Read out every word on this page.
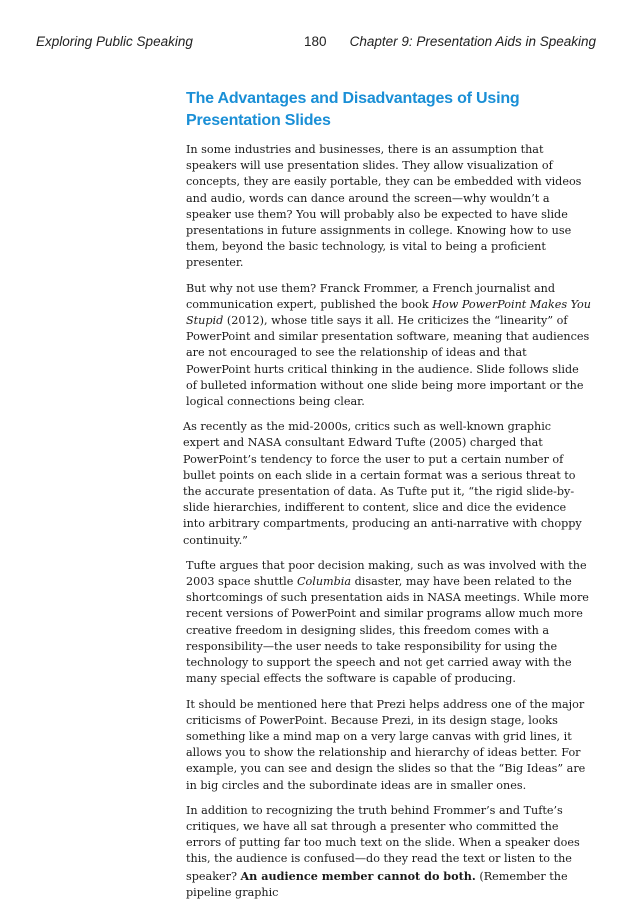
Exploring Public Speaking	180 Chapter 9: Presentation Aids in Speaking
The Advantages and Disadvantages of Using Presentation Slides

In some industries and businesses, there is an assumption that speakers will use presentation slides. They allow visualization of concepts, they are easily portable, they can be embedded with videos and audio, words can dance around the screen—why wouldn’t a speaker use them? You will probably also be expected to have slide presentations in future assignments in college. Knowing how to use them, beyond the basic technology, is vital to being a proficient presenter.

But why not use them? Franck Frommer, a French journalist and communication expert, published the book How PowerPoint Makes You Stupid (2012), whose title says it all. He criticizes the “linearity” of PowerPoint and similar presentation software, meaning that audiences are not encouraged to see the relationship of ideas and that PowerPoint hurts critical thinking in the audience. Slide follows slide of bulleted information without one slide being more important or the logical connections being clear.

As recently as the mid-2000s, critics such as well-known graphic expert and NASA consultant Edward Tufte (2005) charged that PowerPoint’s tendency to force the user to put a certain number of bullet points on each slide in a certain format was a serious threat to the accurate presentation of data. As Tufte put it, “the rigid slide-by-slide hierarchies, indifferent to content, slice and dice the evidence into arbitrary compartments, producing an anti-narrative with choppy continuity.”

Tufte argues that poor decision making, such as was involved with the 2003 space shuttle Columbia disaster, may have been related to the shortcomings of such presentation aids in NASA meetings. While more recent versions of PowerPoint and similar programs allow much more creative freedom in designing slides, this freedom comes with a responsibility—the user needs to take responsibility for using the technology to support the speech and not get carried away with the many special effects the software is capable of producing.

It should be mentioned here that Prezi helps address one of the major criticisms of PowerPoint. Because Prezi, in its design stage, looks something like a mind map on a very large canvas with grid lines, it allows you to show the relationship and hierarchy of ideas better. For example, you can see and design the slides so that the “Big Ideas” are in big circles and the subordinate ideas are in smaller ones.

In addition to recognizing the truth behind Frommer’s and Tufte’s critiques, we have all sat through a presenter who committed the errors of putting far too much text on the slide. When a speaker does this, the audience is confused—do they read the text or listen to the speaker? An audience member cannot do both. (Remember the pipeline graphic
